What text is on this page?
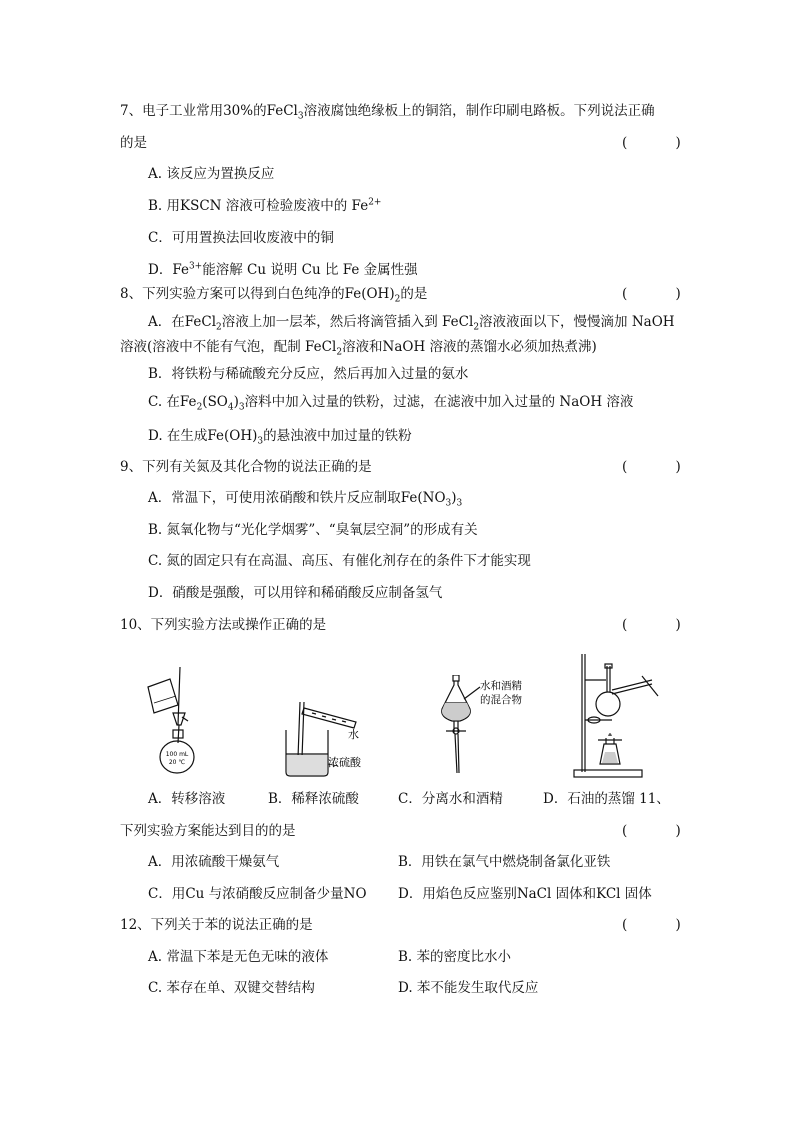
7、电子工业常用30%的FeCl$_3$溶液腐蚀绝缘板上的铜箔，制作印刷电路板。下列说法正确
的是	( )
A. 该反应为置换反应
B. 用KSCN 溶液可检验废液中的 $Fe^{2+}$
C．可用置换法回收废液中的铜
D．$Fe^{3+}$能溶解 Cu 说明 Cu 比 Fe 金属性强
8、下列实验方案可以得到白色纯净的$Fe(OH)_2$的是	( )
A．在FeCl$_2$溶液上加一层苯，然后将滴管插入到 FeCl$_2$溶液液面以下，慢慢滴加 NaOH
溶液(溶液中不能有气泡，配制 FeCl$_2$溶液和NaOH 溶液的蒸馏水必须加热煮沸)
B．将铁粉与稀硫酸充分反应，然后再加入过量的氨水
C. 在$Fe_2(SO_4)_3$溶料中加入过量的铁粉，过滤，在滤液中加入过量的 NaOH 溶液
D. 在生成$Fe(OH)_3$的悬浊液中加过量的铁粉
9、下列有关氮及其化合物的说法正确的是	( )
A．常温下，可使用浓硝酸和铁片反应制取$Fe(NO_3)_3$
B. 氮氧化物与“光化学烟雾”、“臭氧层空洞”的形成有关
C. 氮的固定只有在高温、高压、有催化剂存在的条件下才能实现
D．硝酸是强酸，可以用锌和稀硝酸反应制备氢气
10、下列实验方法或操作正确的是	( )
100 mL
20 ℃
水
浓硫酸
水和酒精
的混合物
A．转移溶液	B．稀释浓硫酸	C．分离水和酒精	D．石油的蒸馏 11、
下列实验方案能达到目的的是	( )
A．用浓硫酸干燥氨气	B．用铁在氯气中燃烧制备氯化亚铁
C．用Cu 与浓硝酸反应制备少量NO D．用焰色反应鉴别NaCl 固体和KCl 固体
12、下列关于苯的说法正确的是	( )
A. 常温下苯是无色无味的液体	B. 苯的密度比水小
C. 苯存在单、双键交替结构	D. 苯不能发生取代反应
